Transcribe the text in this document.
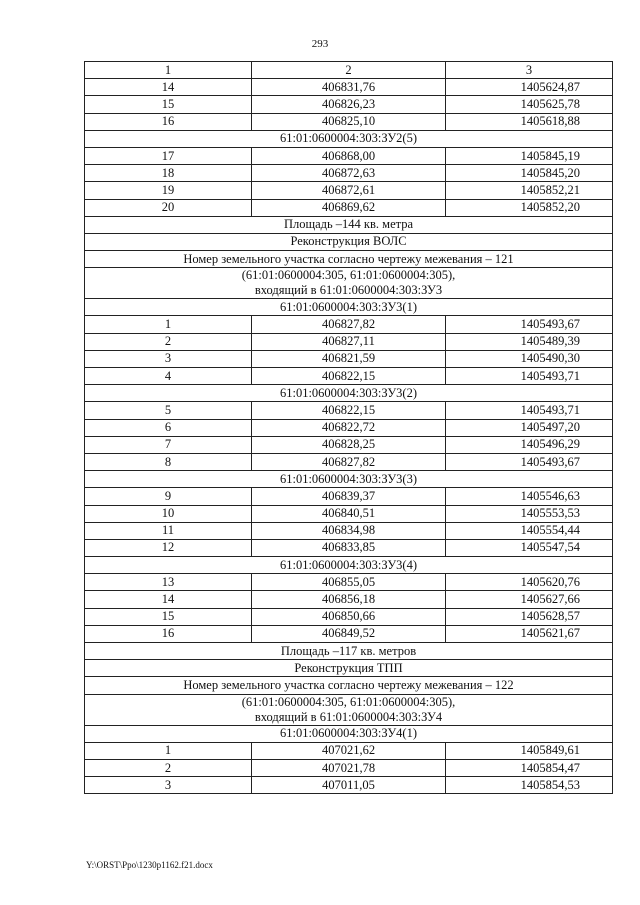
293
1	2	3
14	406831,76	1405624,87
15	406826,23	1405625,78
16	406825,10	1405618,88
61:01:0600004:303:ЗУ2(5)		
17	406868,00	1405845,19
18	406872,63	1405845,20
19	406872,61	1405852,21
20	406869,62	1405852,20
Площадь –144 кв. метра		
Реконструкция ВОЛС		
Номер земельного участка согласно чертежу межевания – 121		

(61:01:0600004:305, 61:01:0600004:305),
входящий в 61:01:0600004:303:ЗУ3		

61:01:0600004:303:ЗУ3(1)		
1	406827,82	1405493,67
2	406827,11	1405489,39
3	406821,59	1405490,30
4	406822,15	1405493,71
61:01:0600004:303:ЗУ3(2)		
5	406822,15	1405493,71
6	406822,72	1405497,20
7	406828,25	1405496,29
8	406827,82	1405493,67
61:01:0600004:303:ЗУ3(3)		
9	406839,37	1405546,63
10	406840,51	1405553,53
11	406834,98	1405554,44
12	406833,85	1405547,54
61:01:0600004:303:ЗУ3(4)		
13	406855,05	1405620,76
14	406856,18	1405627,66
15	406850,66	1405628,57
16	406849,52	1405621,67
Площадь –117 кв. метров		
Реконструкция ТПП		
Номер земельного участка согласно чертежу межевания – 122		

(61:01:0600004:305, 61:01:0600004:305),
входящий в 61:01:0600004:303:ЗУ4		

61:01:0600004:303:ЗУ4(1)		
1	407021,62	1405849,61
2	407021,78	1405854,47
3	407011,05	1405854,53
Y:\ORST\Ppo\1230p1162.f21.docx
